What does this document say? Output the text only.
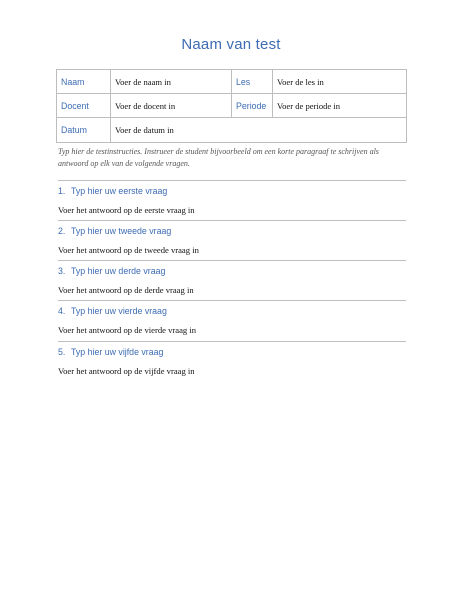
Naam van test
Naam	Voer de naam in	Les	Voer de les in
Docent	Voer de docent in	Periode	Voer de periode in
Datum	Voer de datum in		
Typ hier de testinstructies. Instrueer de student bijvoorbeeld om een korte paragraaf te schrijven als antwoord op elk van de volgende vragen.
1. Typ hier uw eerste vraag
Voer het antwoord op de eerste vraag in
2. Typ hier uw tweede vraag
Voer het antwoord op de tweede vraag in
3. Typ hier uw derde vraag
Voer het antwoord op de derde vraag in
4. Typ hier uw vierde vraag
Voer het antwoord op de vierde vraag in
5. Typ hier uw vijfde vraag
Voer het antwoord op de vijfde vraag in
